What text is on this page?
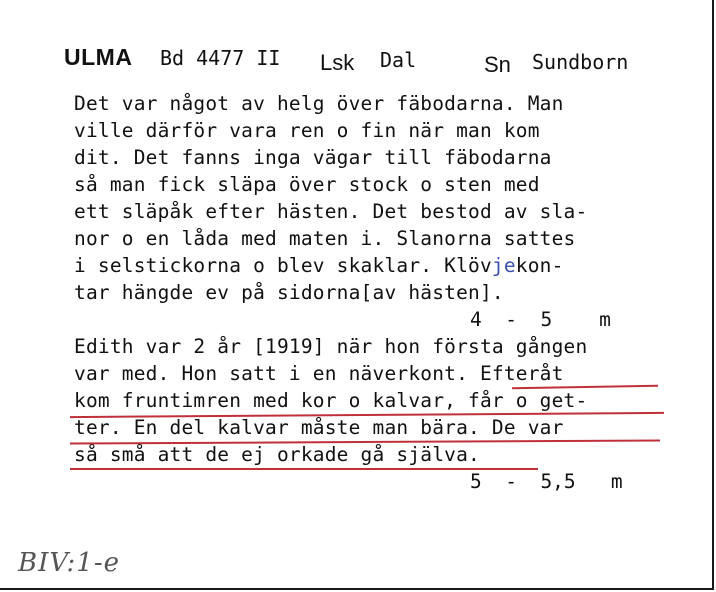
ULMA Bd 4477 II Lsk Dal	Sn Sundborn
Det var något av helg över fäbodarna. Man
ville därför vara ren o fin när man kom
dit. Det fanns inga vägar till fäbodarna
så man fick släpa över stock o sten med
ett släpåk efter hästen. Det bestod av sla-
nor o en låda med maten i. Slanorna sattes
i selstickorna o blev skaklar. Klövjekon-
tar hängde ev på sidorna[av hästen].
4  -  5    m
Edith var 2 år [1919] när hon första gången
var med. Hon satt i en näverkont. Efteråt
kom fruntimren med kor o kalvar, får o get-
ter. En del kalvar måste man bära. De var
så små att de ej orkade gå själva.
5  -  5,5   m
BIV:1-e
